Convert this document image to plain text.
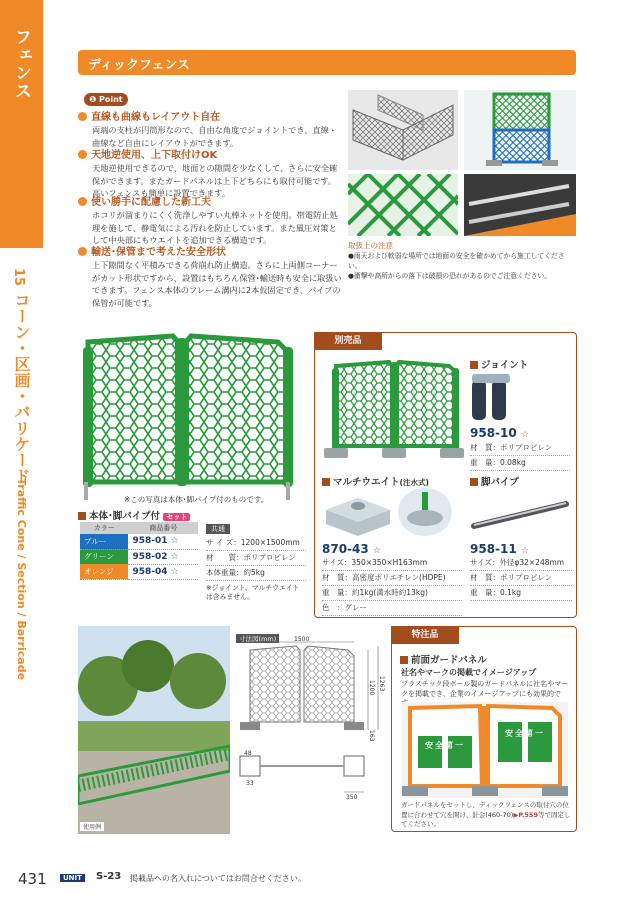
フェンス
15
コーン・区画・バリケード
Traffic Cone / Section / Barricade
ディックフェンス
❶ Point
直線も曲線もレイアウト自在
両端の支柱が円筒形なので、自由な角度でジョイントでき、直線・曲線など自由にレイアウトができます。
天地逆使用、上下取付けOK
天地逆使用できるので、地面との隙間を少なくして、さらに安全確保ができます。またガードパネルは上下どちらにも取付可能です。高いフェンスも簡単に設置できます。
使い勝手に配慮した新工夫
ホコリが溜まりにくく洗浄しやすい丸棒ネットを使用。帯電防止処理を施して、静電気による汚れを防止しています。また風圧対策として中央部にもウエイトを追加できる構造です。
輸送･保管まで考えた安全形状
上下隙間なく平積みできる荷崩れ防止構造。さらに上両側コーナーがカット形状ですから、設置はもちろん保管･輸送時も安全に取扱いできます。フェンス本体のフレーム溝内に2本仮固定でき、パイプの保管が可能です。
取扱上の注意
●雨天および軟弱な場所では地面の安全を確かめてから施工してください。
●衝撃や高所からの落下は破損の恐れがあるのでご注意ください。
※この写真は本体･脚パイプ付のものです。
本体･脚パイプ付 セット
カラー	商品番号
ブルー	958-01 ☆
グリーン	958-02 ☆
オレンジ	958-04 ☆
共通
サ イ ズ：1200×1500mm
材　　質：ポリプロピレン
本体重量：約5kg
※ジョイント、マルチウエイトは含みません。
別売品
ジョイント
958-10 ☆
材　質：ポリプロピレン
重　量：0.08kg
マルチウエイト(注水式)
870-43 ☆
サイズ：350×350×H163mm
材　質：高密度ポリエチレン(HDPE)
重　量：約1kg(満水時約13kg)
色　：グレー
脚パイプ
958-11 ☆
サイズ：外径φ32×248mm
材　質：ポリプロピレン
重　量：0.1kg
使用例
寸法図(mm)	1500
1200 1263
163
350
48
33
特注品
前面ガードパネル
社名やマークの掲載でイメージアップ
プラスチック段ボール製のガードパネルに社名やマークを掲載でき、企業のイメージアップにも効果的で
安全第一
安全第一
ガードパネルをセットし、ディックフェンスの取付穴の位置に合わせて穴を開け、針金(460-70)▶P.559等で固定してください。
431	UNIT	S-23 掲載品への名入れについてはお問合せください。
